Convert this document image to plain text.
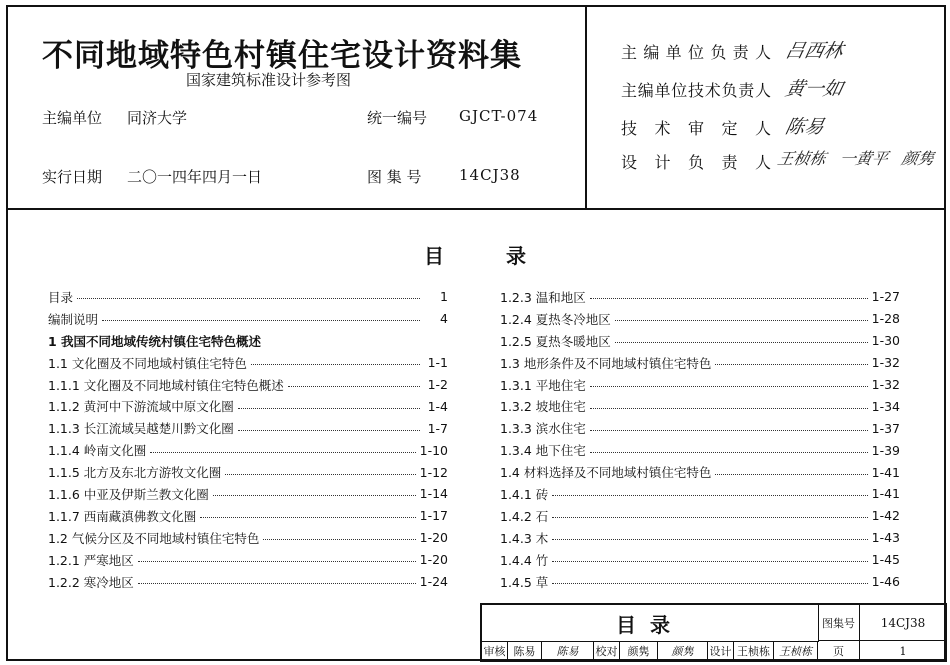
不同地域特色村镇住宅设计资料集
国家建筑标准设计参考图
主编单位 同济大学	统一编号 GJCT-074
实行日期 二〇一四年四月一日	图 集 号 14CJ38
主编单位负责人 吕西林
主编单位技术负责人 黄一如
技术审定人 陈易
设计负责人 王桢栋 一黄平 颜隽
目	录
目录	1
编制说明	4
1 我国不同地域传统村镇住宅特色概述
1.1 文化圈及不同地域村镇住宅特色	1-1
1.1.1 文化圈及不同地域村镇住宅特色概述	1-2
1.1.2 黄河中下游流域中原文化圈	1-4
1.1.3 长江流域吴越楚川黔文化圈	1-7
1.1.4 岭南文化圈	1-10
1.1.5 北方及东北方游牧文化圈	1-12
1.1.6 中亚及伊斯兰教文化圈	1-14
1.1.7 西南藏滇佛教文化圈	1-17
1.2 气候分区及不同地域村镇住宅特色	1-20
1.2.1 严寒地区	1-20
1.2.2 寒冷地区	1-24
1.2.3 温和地区	1-27
1.2.4 夏热冬冷地区	1-28
1.2.5 夏热冬暖地区	1-30
1.3 地形条件及不同地域村镇住宅特色	1-32
1.3.1 平地住宅	1-32
1.3.2 坡地住宅	1-34
1.3.3 滨水住宅	1-37
1.3.4 地下住宅	1-39
1.4 材料选择及不同地域村镇住宅特色	1-41
1.4.1 砖	1-41
1.4.2 石	1-42
1.4.3 木	1-43
1.4.4 竹	1-45
1.4.5 草	1-46
目录	图集号	14CJ38
审核 陈易	陈易	校对 颜隽	颜隽	设计 王桢栋 王桢栋	页	1
